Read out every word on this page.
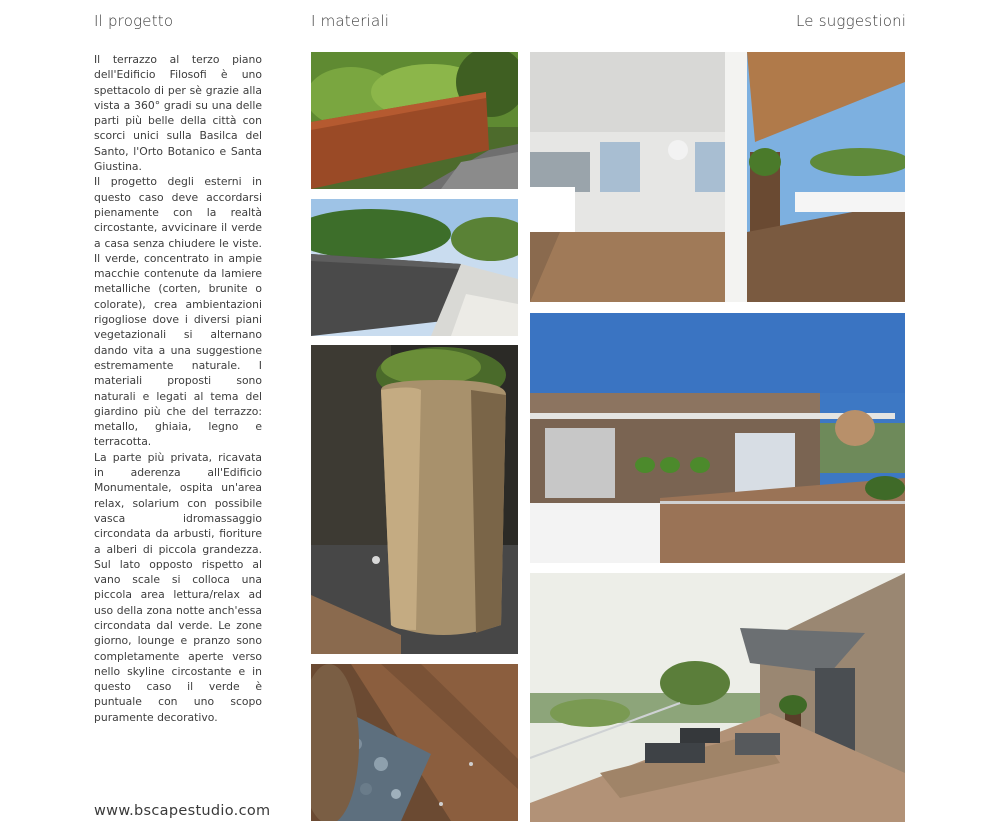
Il progetto	I materiali	Le suggestioni

Il terrazzo al terzo piano dell'Edificio Filosofi è uno spettacolo di per sè grazie alla vista a 360° gradi su una delle parti più belle della città con scorci unici sulla Basilca del Santo, l'Orto Botanico e Santa Giustina.

Il progetto degli esterni in questo caso deve accordarsi pienamente con la realtà circostante, avvicinare il verde a casa senza chiudere le viste. Il verde, concentrato in ampie macchie contenute da lamiere metalliche (corten, brunite o colorate), crea ambientazioni rigogliose dove i diversi piani vegetazionali si alternano dando vita a una suggestione estremamente naturale. I materiali proposti sono naturali e legati al tema del giardino più che del terrazzo: metallo, ghiaia, legno e terracotta.

La parte più privata, ricavata in aderenza all'Edificio Monumentale, ospita un'area relax, solarium con possibile vasca idromassaggio circondata da arbusti, fioriture a alberi di piccola grandezza. Sul lato opposto rispetto al vano scale si colloca una piccola area lettura/relax ad uso della zona notte anch'essa circondata dal verde. Le zone giorno, lounge e pranzo sono completamente aperte verso nello skyline circostante e in questo caso il verde è puntuale con uno scopo puramente decorativo.

www.bscapestudio.com
